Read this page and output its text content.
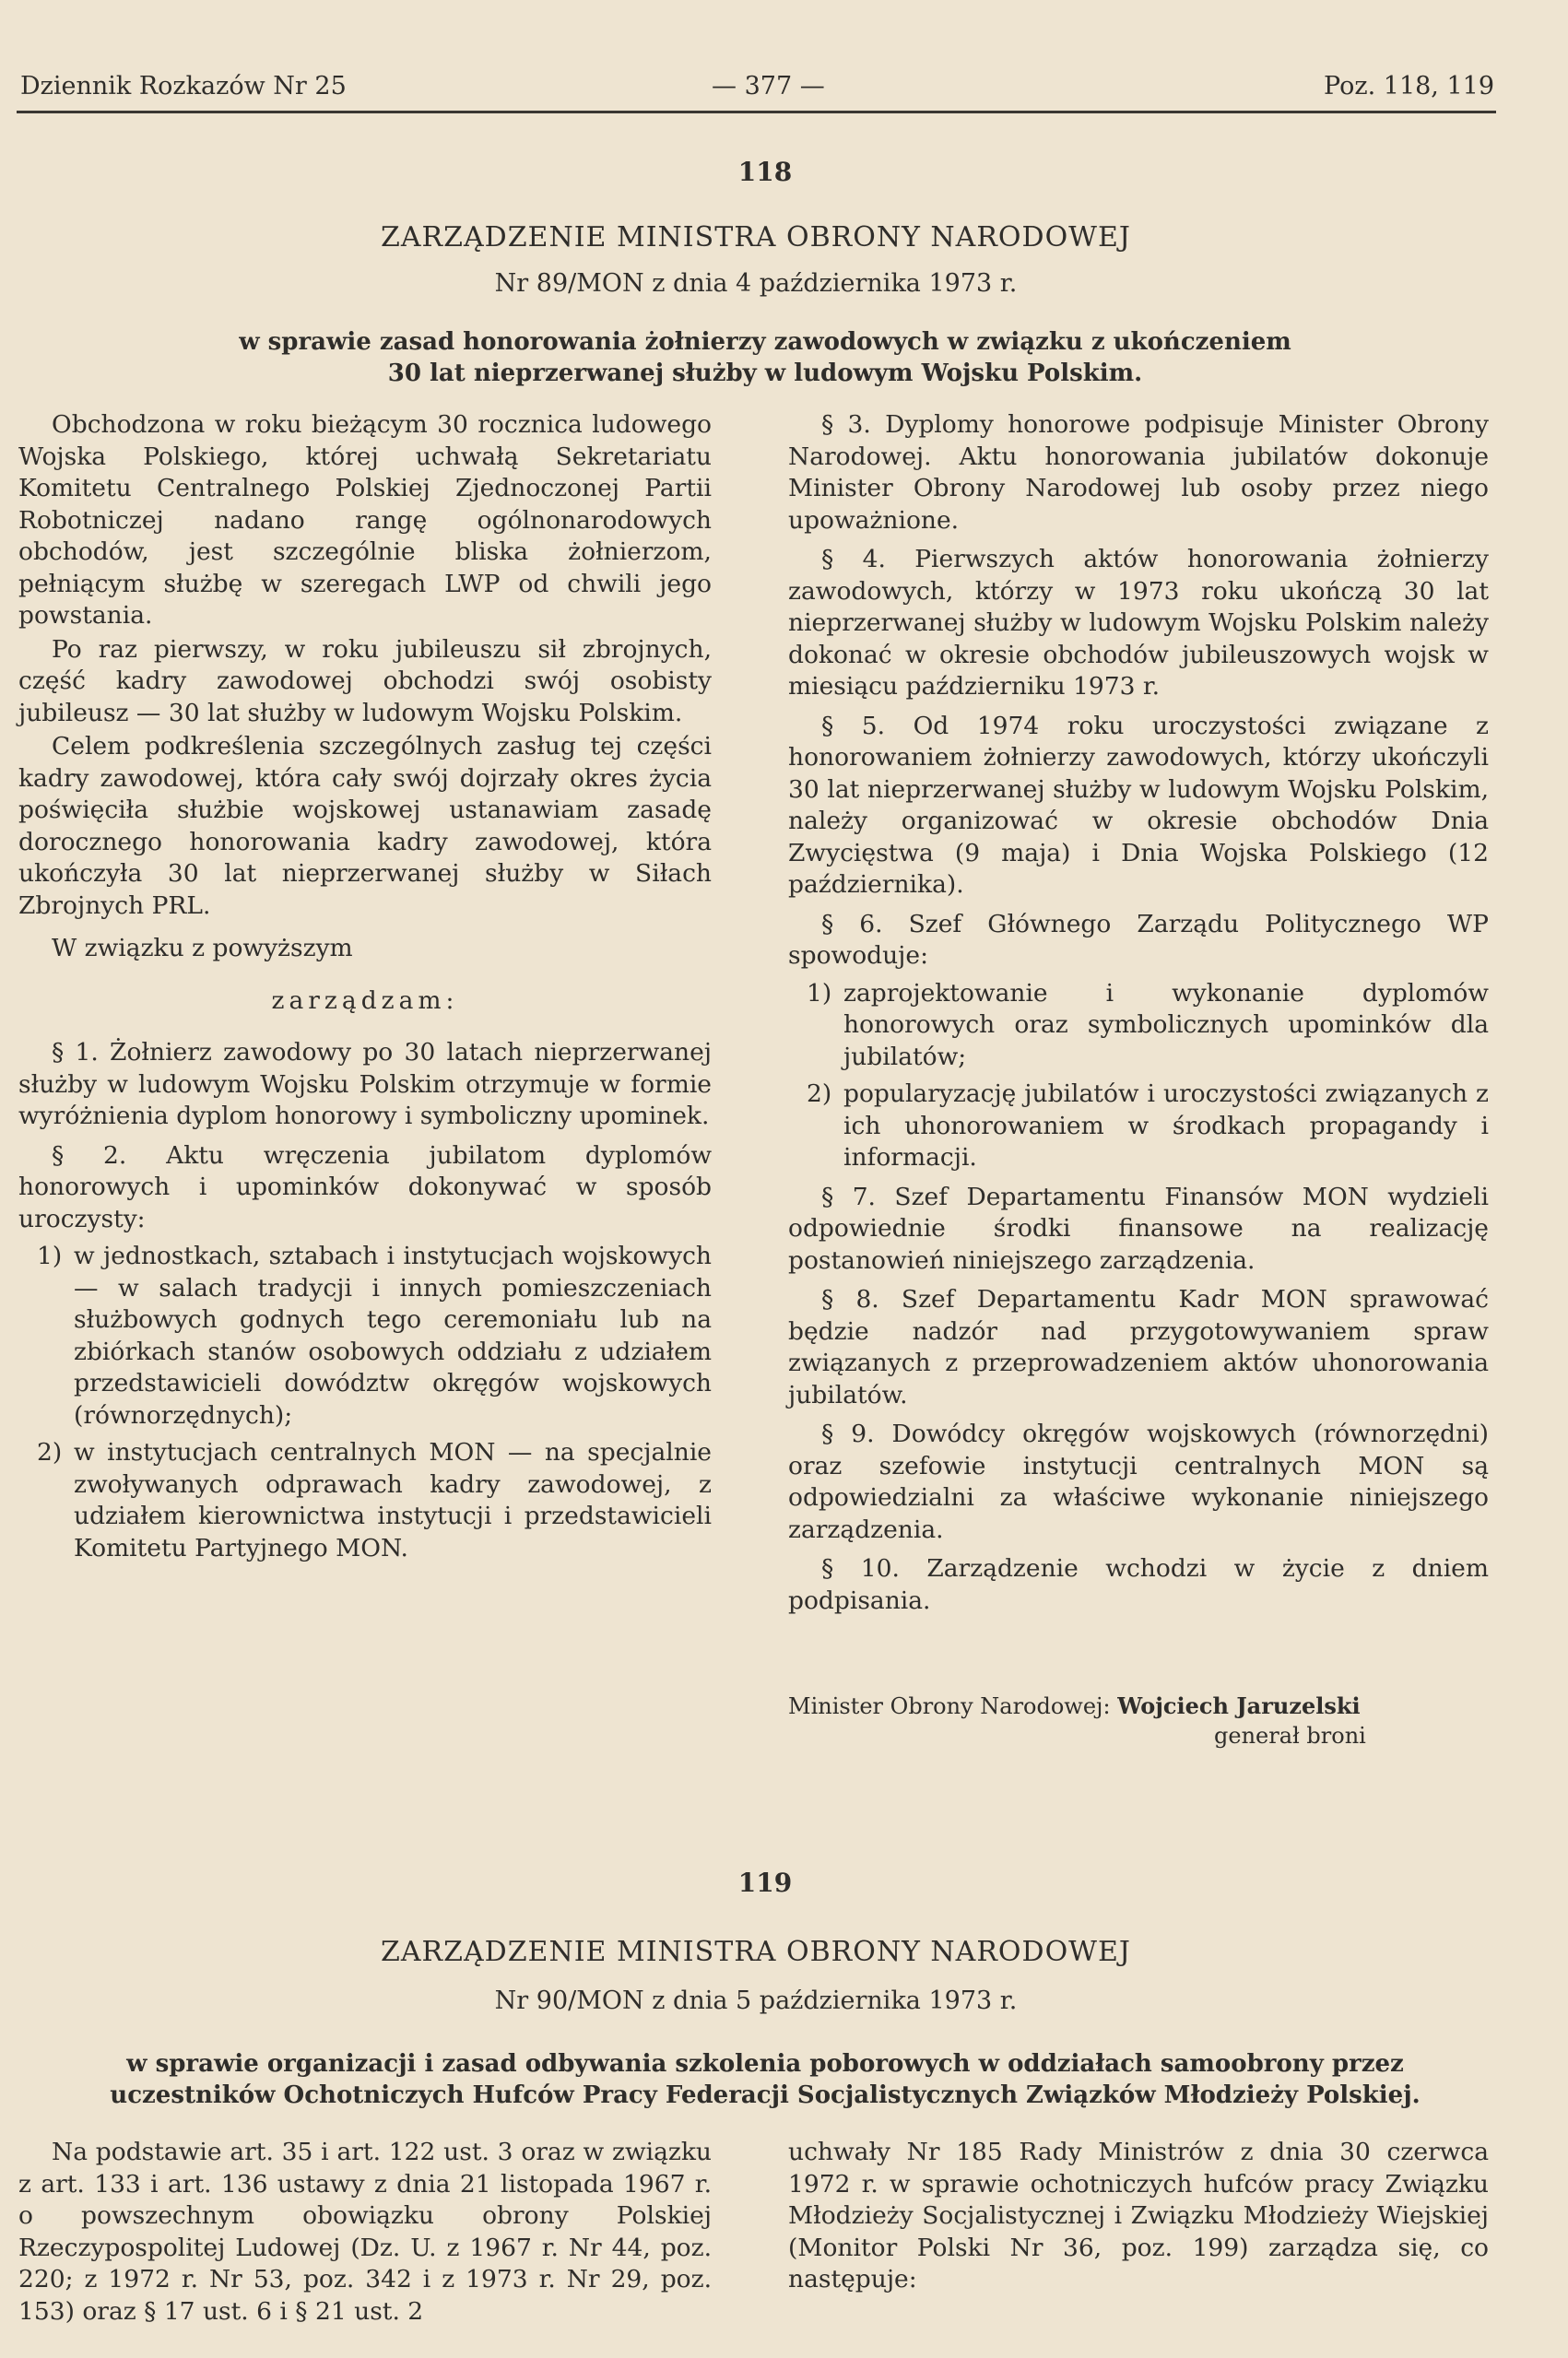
Dziennik Rozkazów Nr 25	— 377 —	Poz. 118, 119
118
ZARZĄDZENIE MINISTRA OBRONY NARODOWEJ
Nr 89/MON z dnia 4 października 1973 r.
w sprawie zasad honorowania żołnierzy zawodowych w związku z ukończeniem
30 lat nieprzerwanej służby w ludowym Wojsku Polskim.

Obchodzona w roku bieżącym 30 rocznica ludowego Wojska Polskiego, której uchwałą Sekretariatu Komitetu Centralnego Polskiej Zjednoczonej Partii Robotniczej nadano rangę ogólnonarodowych obchodów, jest szczególnie bliska żołnierzom, pełniącym służbę w szeregach LWP od chwili jego powstania.

Po raz pierwszy, w roku jubileuszu sił zbrojnych, część kadry zawodowej obchodzi swój osobisty jubileusz — 30 lat służby w ludowym Wojsku Polskim.

Celem podkreślenia szczególnych zasług tej części kadry zawodowej, która cały swój dojrzały okres życia poświęciła służbie wojskowej ustanawiam zasadę dorocznego honorowania kadry zawodowej, która ukończyła 30 lat nieprzerwanej służby w Siłach Zbrojnych PRL.

W związku z powyższym

zarządzam:

§ 1. Żołnierz zawodowy po 30 latach nieprzerwanej służby w ludowym Wojsku Polskim otrzymuje w formie wyróżnienia dyplom honorowy i symboliczny upominek.

§ 2. Aktu wręczenia jubilatom dyplomów honorowych i upominków dokonywać w sposób uroczysty:

1) w jednostkach, sztabach i instytucjach wojskowych — w salach tradycji i innych pomieszczeniach służbowych godnych tego ceremoniału lub na zbiórkach stanów osobowych oddziału z udziałem przedstawicieli dowództw okręgów wojskowych (równorzędnych);
2) w instytucjach centralnych MON — na specjalnie zwoływanych odprawach kadry zawodowej, z udziałem kierownictwa instytucji i przedstawicieli Komitetu Partyjnego MON.

§ 3. Dyplomy honorowe podpisuje Minister Obrony Narodowej. Aktu honorowania jubilatów dokonuje Minister Obrony Narodowej lub osoby przez niego upoważnione.

§ 4. Pierwszych aktów honorowania żołnierzy zawodowych, którzy w 1973 roku ukończą 30 lat nieprzerwanej służby w ludowym Wojsku Polskim należy dokonać w okresie obchodów jubileuszowych wojsk w miesiącu październiku 1973 r.

§ 5. Od 1974 roku uroczystości związane z honorowaniem żołnierzy zawodowych, którzy ukończyli 30 lat nieprzerwanej służby w ludowym Wojsku Polskim, należy organizować w okresie obchodów Dnia Zwycięstwa (9 maja) i Dnia Wojska Polskiego (12 października).

§ 6. Szef Głównego Zarządu Politycznego WP spowoduje:

1) zaprojektowanie i wykonanie dyplomów honorowych oraz symbolicznych upominków dla jubilatów;
2) popularyzację jubilatów i uroczystości związanych z ich uhonorowaniem w środkach propagandy i informacji.

§ 7. Szef Departamentu Finansów MON wydzieli odpowiednie środki finansowe na realizację postanowień niniejszego zarządzenia.

§ 8. Szef Departamentu Kadr MON sprawować będzie nadzór nad przygotowywaniem spraw związanych z przeprowadzeniem aktów uhonorowania jubilatów.

§ 9. Dowódcy okręgów wojskowych (równorzędni) oraz szefowie instytucji centralnych MON są odpowiedzialni za właściwe wykonanie niniejszego zarządzenia.

§ 10. Zarządzenie wchodzi w życie z dniem podpisania.

Minister Obrony Narodowej: Wojciech Jaruzelski
generał broni
119
ZARZĄDZENIE MINISTRA OBRONY NARODOWEJ
Nr 90/MON z dnia 5 października 1973 r.
w sprawie organizacji i zasad odbywania szkolenia poborowych w oddziałach samoobrony przez
uczestników Ochotniczych Hufców Pracy Federacji Socjalistycznych Związków Młodzieży Polskiej.

Na podstawie art. 35 i art. 122 ust. 3 oraz w związku z art. 133 i art. 136 ustawy z dnia 21 listopada 1967 r. o powszechnym obowiązku obrony Polskiej Rzeczypospolitej Ludowej (Dz. U. z 1967 r. Nr 44, poz. 220; z 1972 r. Nr 53, poz. 342 i z 1973 r. Nr 29, poz. 153) oraz § 17 ust. 6 i § 21 ust. 2

uchwały Nr 185 Rady Ministrów z dnia 30 czerwca 1972 r. w sprawie ochotniczych hufców pracy Związku Młodzieży Socjalistycznej i Związku Młodzieży Wiejskiej (Monitor Polski Nr 36, poz. 199) zarządza się, co następuje:
